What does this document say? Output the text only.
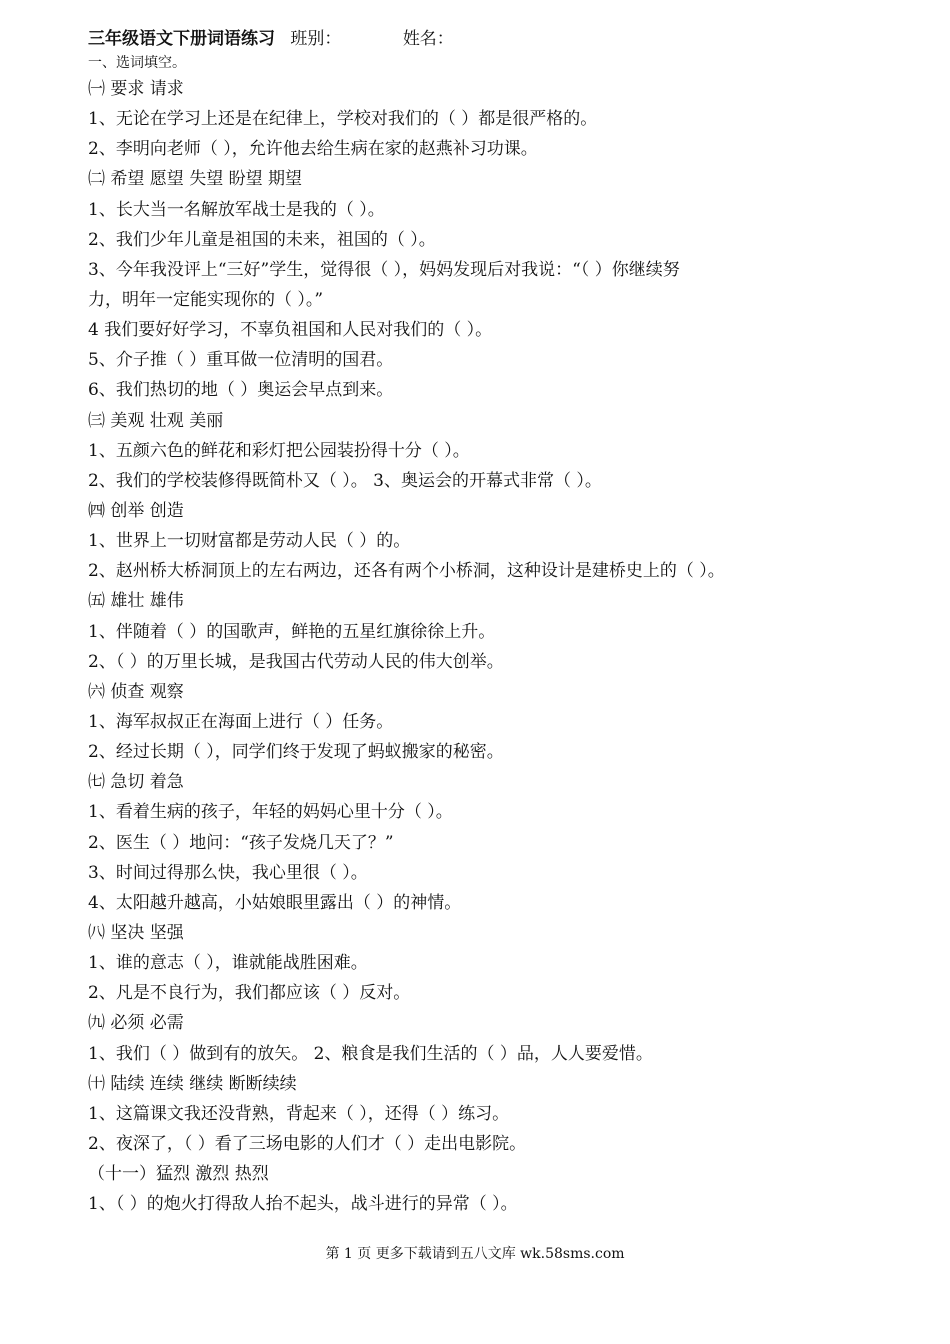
三年级语文下册词语练习 班别：	姓名：
一、选词填空。
㈠ 要求 请求
1、无论在学习上还是在纪律上，学校对我们的（ ）都是很严格的。
2、李明向老师（ ），允许他去给生病在家的赵燕补习功课。
㈡ 希望 愿望 失望 盼望 期望
1、长大当一名解放军战士是我的（ ）。
2、我们少年儿童是祖国的未来，祖国的（ ）。
3、今年我没评上“三好”学生，觉得很（ ），妈妈发现后对我说：“（ ）你继续努
力，明年一定能实现你的（ ）。”
4 我们要好好学习，不辜负祖国和人民对我们的（ ）。
5、介子推（ ）重耳做一位清明的国君。
6、我们热切的地（ ）奥运会早点到来。
㈢ 美观 壮观 美丽
1、五颜六色的鲜花和彩灯把公园装扮得十分（ ）。
2、我们的学校装修得既简朴又（ ）。 3、奥运会的开幕式非常（ ）。
㈣ 创举 创造
1、世界上一切财富都是劳动人民（ ）的。
2、赵州桥大桥洞顶上的左右两边，还各有两个小桥洞，这种设计是建桥史上的（ ）。
㈤ 雄壮 雄伟
1、伴随着（ ）的国歌声，鲜艳的五星红旗徐徐上升。
2、（ ）的万里长城，是我国古代劳动人民的伟大创举。
㈥ 侦查 观察
1、海军叔叔正在海面上进行（ ）任务。
2、经过长期（ ），同学们终于发现了蚂蚁搬家的秘密。
㈦ 急切 着急
1、看着生病的孩子，年轻的妈妈心里十分（ ）。
2、医生（ ）地问：“孩子发烧几天了？”
3、时间过得那么快，我心里很（ ）。
4、太阳越升越高，小姑娘眼里露出（ ）的神情。
㈧ 坚决 坚强
1、谁的意志（ ），谁就能战胜困难。
2、凡是不良行为，我们都应该（ ）反对。
㈨ 必须 必需
1、我们（ ）做到有的放矢。 2、粮食是我们生活的（ ）品，人人要爱惜。
㈩ 陆续 连续 继续 断断续续
1、这篇课文我还没背熟，背起来（ ），还得（ ）练习。
2、夜深了，（ ）看了三场电影的人们才（ ）走出电影院。
（十一）猛烈 激烈 热烈
1、（ ）的炮火打得敌人抬不起头，战斗进行的异常（ ）。
第 1 页 更多下载请到五八文库 wk.58sms.com
